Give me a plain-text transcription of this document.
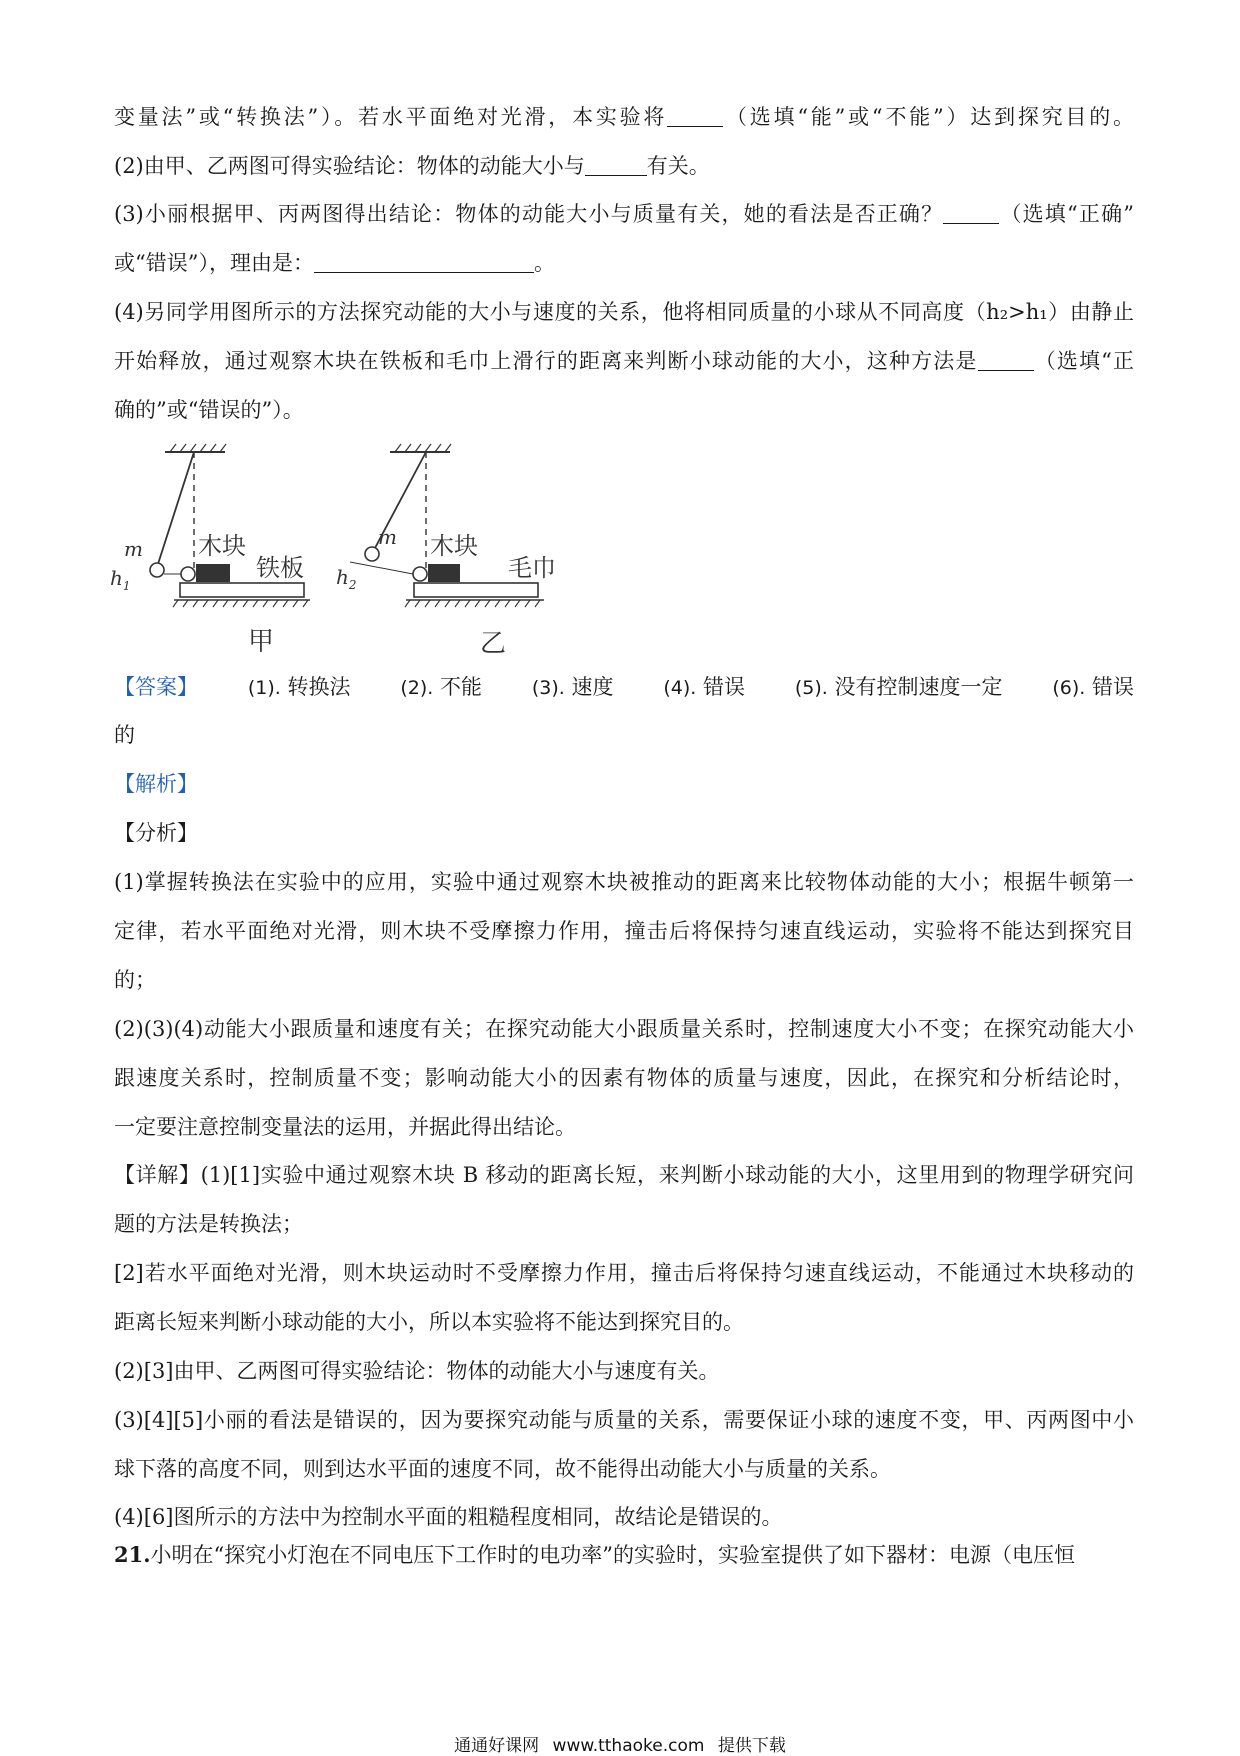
变量法”或“转换法”）。若水平面绝对光滑，本实验将	（选填“能”或“不能”）达到探究目的。
(2)由甲、乙两图可得实验结论：物体的动能大小与	有关。
(3)小丽根据甲、丙两图得出结论：物体的动能大小与质量有关，她的看法是否正确？	（选填“正确”
或“错误”），理由是：	。
(4)另同学用图所示的方法探究动能的大小与速度的关系，他将相同质量的小球从不同高度（h₂>h₁）由静止
开始释放，通过观察木块在铁板和毛巾上滑行的距离来判断小球动能的大小，这种方法是	（选填“正
确的”或“错误的”）。
m
$h_1$
木块
铁板
甲
m
$h_2$
木块
毛巾
乙
【答案】	(1). 转换法	(2). 不能	(3). 速度	(4). 错误	(5). 没有控制速度一定	(6). 错误
的
【解析】
【分析】
(1)掌握转换法在实验中的应用，实验中通过观察木块被推动的距离来比较物体动能的大小；根据牛顿第一
定律，若水平面绝对光滑，则木块不受摩擦力作用，撞击后将保持匀速直线运动，实验将不能达到探究目
的；
(2)(3)(4)动能大小跟质量和速度有关；在探究动能大小跟质量关系时，控制速度大小不变；在探究动能大小
跟速度关系时，控制质量不变；影响动能大小的因素有物体的质量与速度，因此，在探究和分析结论时，
一定要注意控制变量法的运用，并据此得出结论。
【详解】(1)[1]实验中通过观察木块 B 移动的距离长短，来判断小球动能的大小，这里用到的物理学研究问
题的方法是转换法；
[2]若水平面绝对光滑，则木块运动时不受摩擦力作用，撞击后将保持匀速直线运动，不能通过木块移动的
距离长短来判断小球动能的大小，所以本实验将不能达到探究目的。
(2)[3]由甲、乙两图可得实验结论：物体的动能大小与速度有关。
(3)[4][5]小丽的看法是错误的，因为要探究动能与质量的关系，需要保证小球的速度不变，甲、丙两图中小
球下落的高度不同，则到达水平面的速度不同，故不能得出动能大小与质量的关系。
(4)[6]图所示的方法中为控制水平面的粗糙程度相同，故结论是错误的。
21.小明在“探究小灯泡在不同电压下工作时的电功率”的实验时，实验室提供了如下器材：电源（电压恒
通通好课网 www.tthaoke.com 提供下载
